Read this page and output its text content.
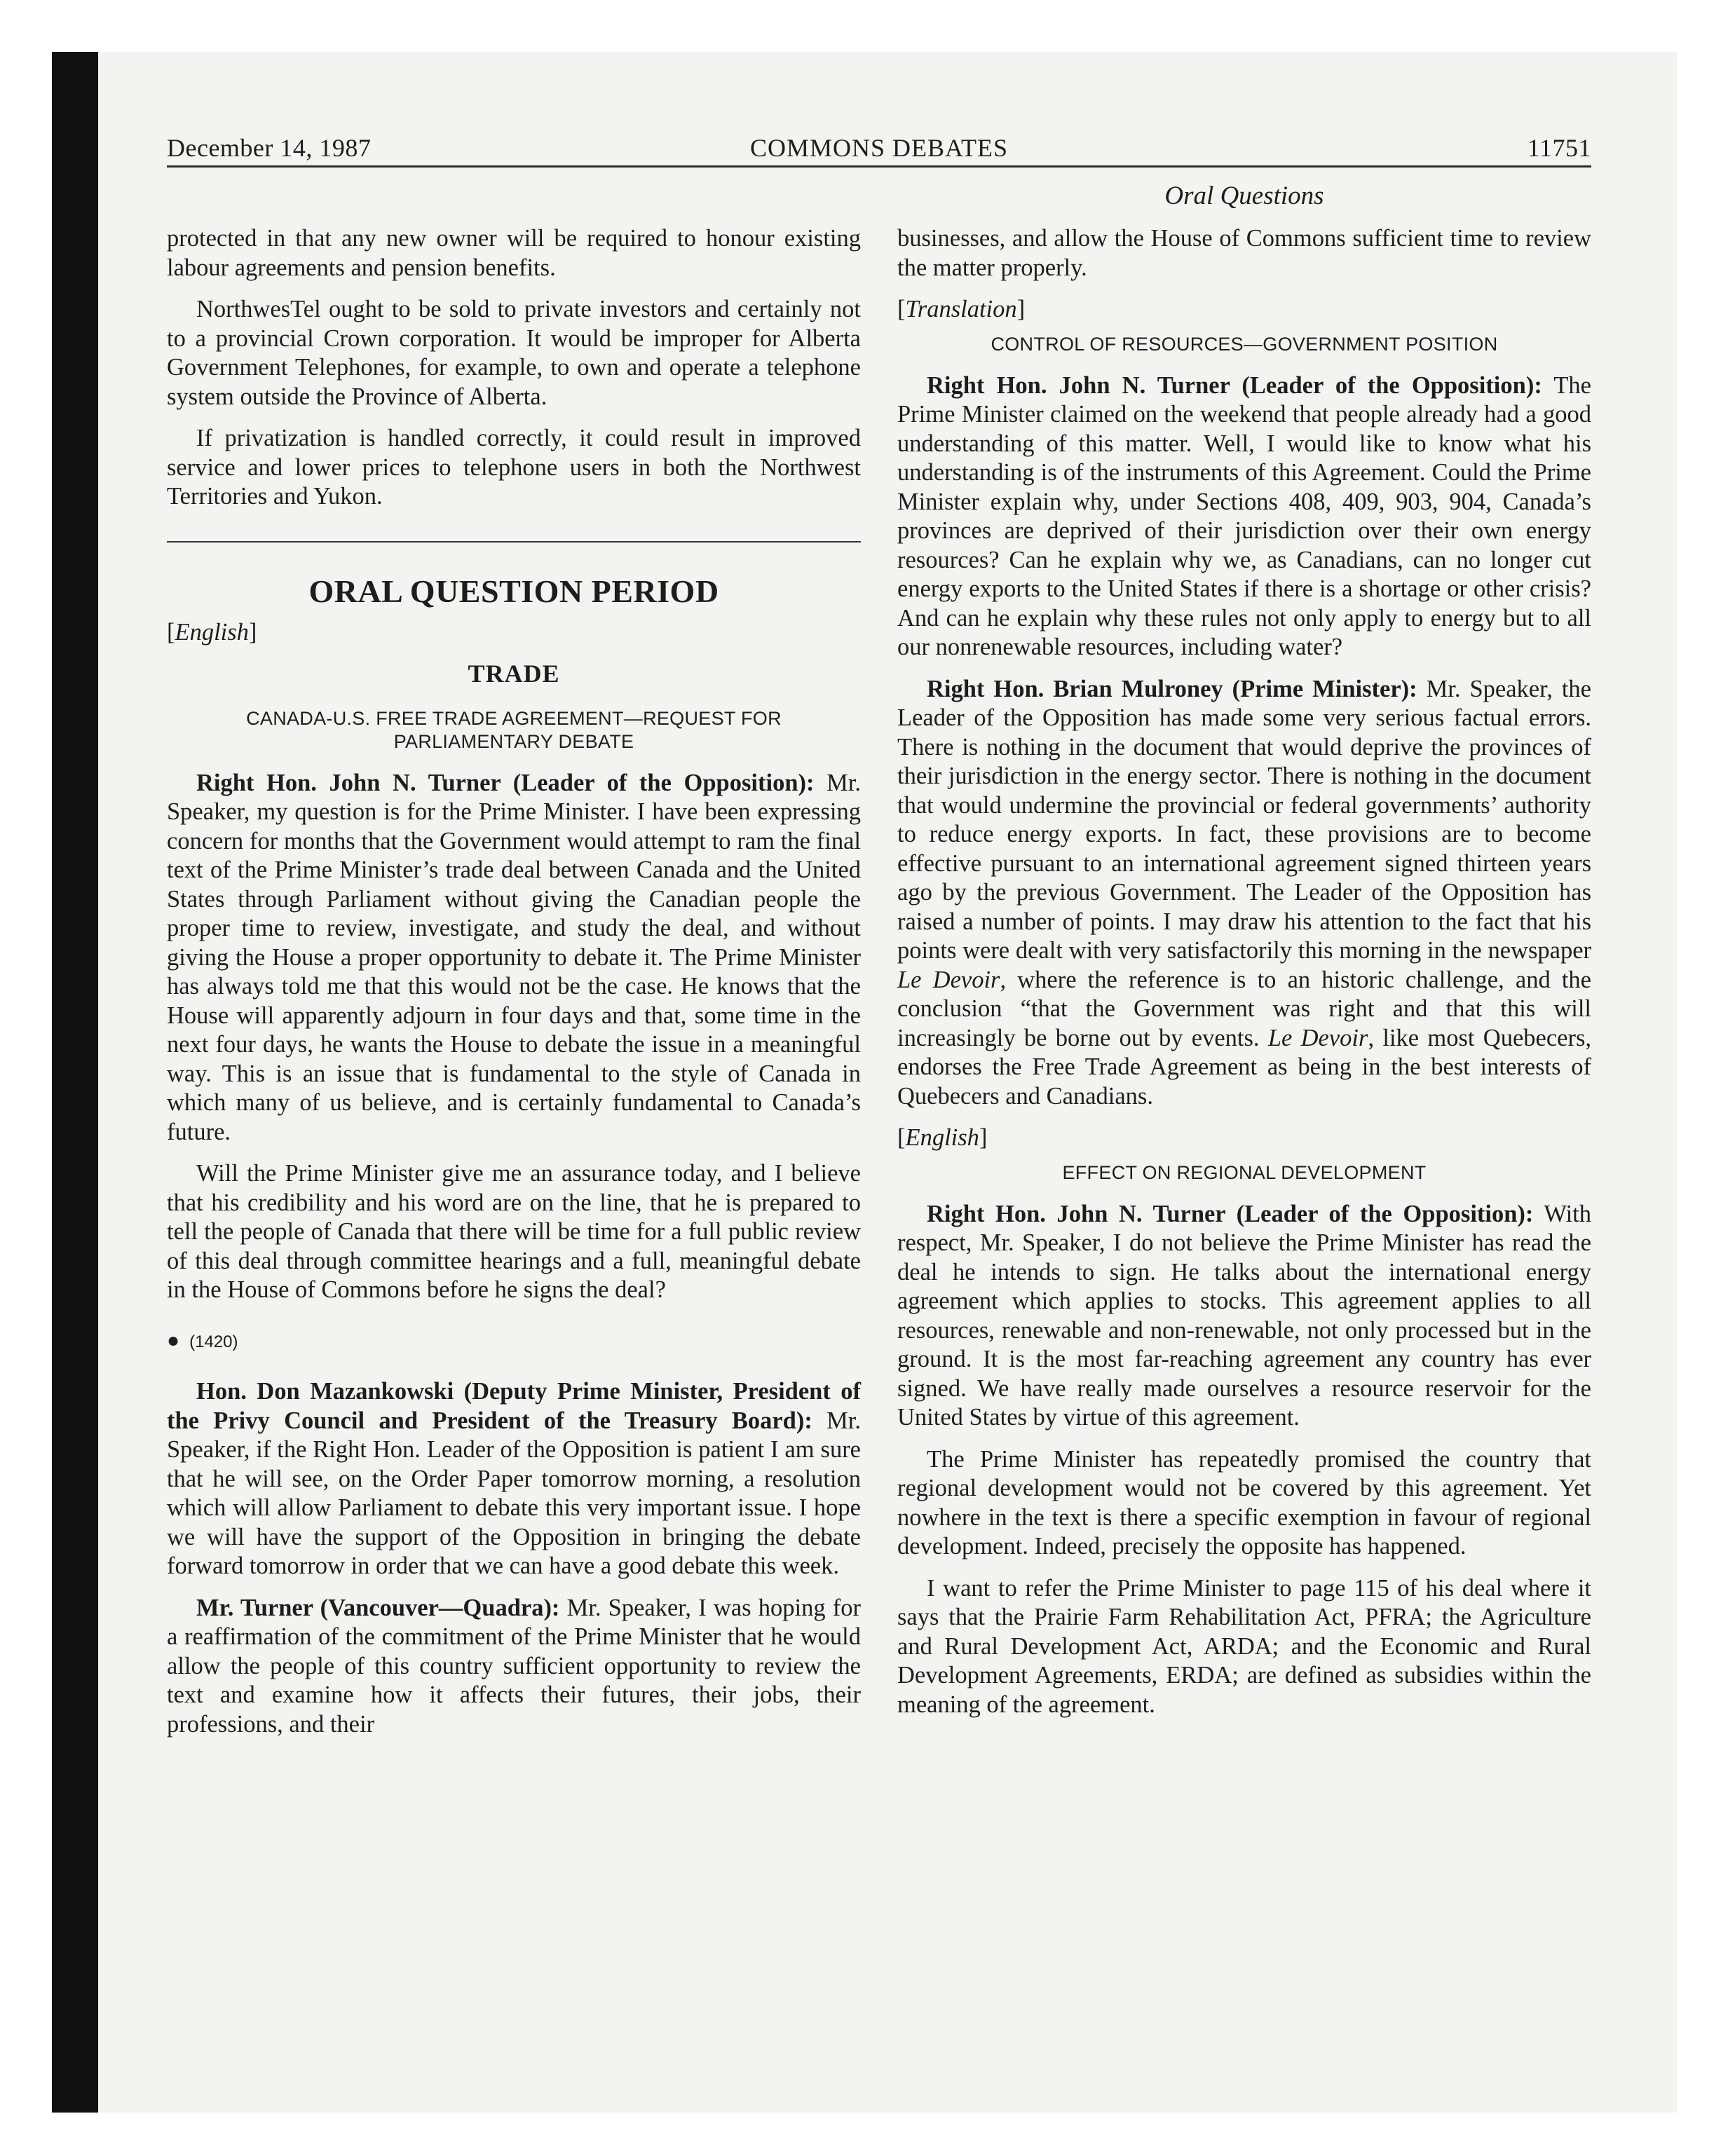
December 14, 1987	COMMONS DEBATES	11751

Oral Questions

protected in that any new owner will be required to honour existing labour agreements and pension benefits.

NorthwesTel ought to be sold to private investors and certainly not to a provincial Crown corporation. It would be improper for Alberta Government Telephones, for example, to own and operate a telephone system outside the Province of Alberta.

If privatization is handled correctly, it could result in improved service and lower prices to telephone users in both the Northwest Territories and Yukon.

ORAL QUESTION PERIOD
[English]
TRADE
CANADA-U.S. FREE TRADE AGREEMENT—REQUEST FOR PARLIAMENTARY DEBATE

Right Hon. John N. Turner (Leader of the Opposition): Mr. Speaker, my question is for the Prime Minister. I have been expressing concern for months that the Government would attempt to ram the final text of the Prime Minister’s trade deal between Canada and the United States through Parliament without giving the Canadian people the proper time to review, investigate, and study the deal, and without giving the House a proper opportunity to debate it. The Prime Minister has always told me that this would not be the case. He knows that the House will apparently adjourn in four days and that, some time in the next four days, he wants the House to debate the issue in a meaningful way. This is an issue that is fundamental to the style of Canada in which many of us believe, and is certainly fundamental to Canada’s future.

Will the Prime Minister give me an assurance today, and I believe that his credibility and his word are on the line, that he is prepared to tell the people of Canada that there will be time for a full public review of this deal through committee hearings and a full, meaningful debate in the House of Commons before he signs the deal?

● (1420)

Hon. Don Mazankowski (Deputy Prime Minister, President of the Privy Council and President of the Treasury Board): Mr. Speaker, if the Right Hon. Leader of the Opposition is patient I am sure that he will see, on the Order Paper tomorrow morning, a resolution which will allow Parliament to debate this very important issue. I hope we will have the support of the Opposition in bringing the debate forward tomorrow in order that we can have a good debate this week.

Mr. Turner (Vancouver—Quadra): Mr. Speaker, I was hoping for a reaffirmation of the commitment of the Prime Minister that he would allow the people of this country sufficient opportunity to review the text and examine how it affects their futures, their jobs, their professions, and their

businesses, and allow the House of Commons sufficient time to review the matter properly.

[Translation]
CONTROL OF RESOURCES—GOVERNMENT POSITION

Right Hon. John N. Turner (Leader of the Opposition): The Prime Minister claimed on the weekend that people already had a good understanding of this matter. Well, I would like to know what his understanding is of the instruments of this Agreement. Could the Prime Minister explain why, under Sections 408, 409, 903, 904, Canada’s provinces are deprived of their jurisdiction over their own energy resources? Can he explain why we, as Canadians, can no longer cut energy exports to the United States if there is a shortage or other crisis? And can he explain why these rules not only apply to energy but to all our nonrenewable resources, including water?

Right Hon. Brian Mulroney (Prime Minister): Mr. Speaker, the Leader of the Opposition has made some very serious factual errors. There is nothing in the document that would deprive the provinces of their jurisdiction in the energy sector. There is nothing in the document that would undermine the provincial or federal governments’ authority to reduce energy exports. In fact, these provisions are to become effective pursuant to an international agreement signed thirteen years ago by the previous Government. The Leader of the Opposition has raised a number of points. I may draw his attention to the fact that his points were dealt with very satisfactorily this morning in the newspaper Le Devoir, where the reference is to an historic challenge, and the conclusion “that the Government was right and that this will increasingly be borne out by events. Le Devoir, like most Quebecers, endorses the Free Trade Agreement as being in the best interests of Quebecers and Canadians.

[English]
EFFECT ON REGIONAL DEVELOPMENT

Right Hon. John N. Turner (Leader of the Opposition): With respect, Mr. Speaker, I do not believe the Prime Minister has read the deal he intends to sign. He talks about the international energy agreement which applies to stocks. This agreement applies to all resources, renewable and non-renewable, not only processed but in the ground. It is the most far-reaching agreement any country has ever signed. We have really made ourselves a resource reservoir for the United States by virtue of this agreement.

The Prime Minister has repeatedly promised the country that regional development would not be covered by this agreement. Yet nowhere in the text is there a specific exemption in favour of regional development. Indeed, precisely the opposite has happened.

I want to refer the Prime Minister to page 115 of his deal where it says that the Prairie Farm Rehabilitation Act, PFRA; the Agriculture and Rural Development Act, ARDA; and the Economic and Rural Development Agreements, ERDA; are defined as subsidies within the meaning of the agreement.
